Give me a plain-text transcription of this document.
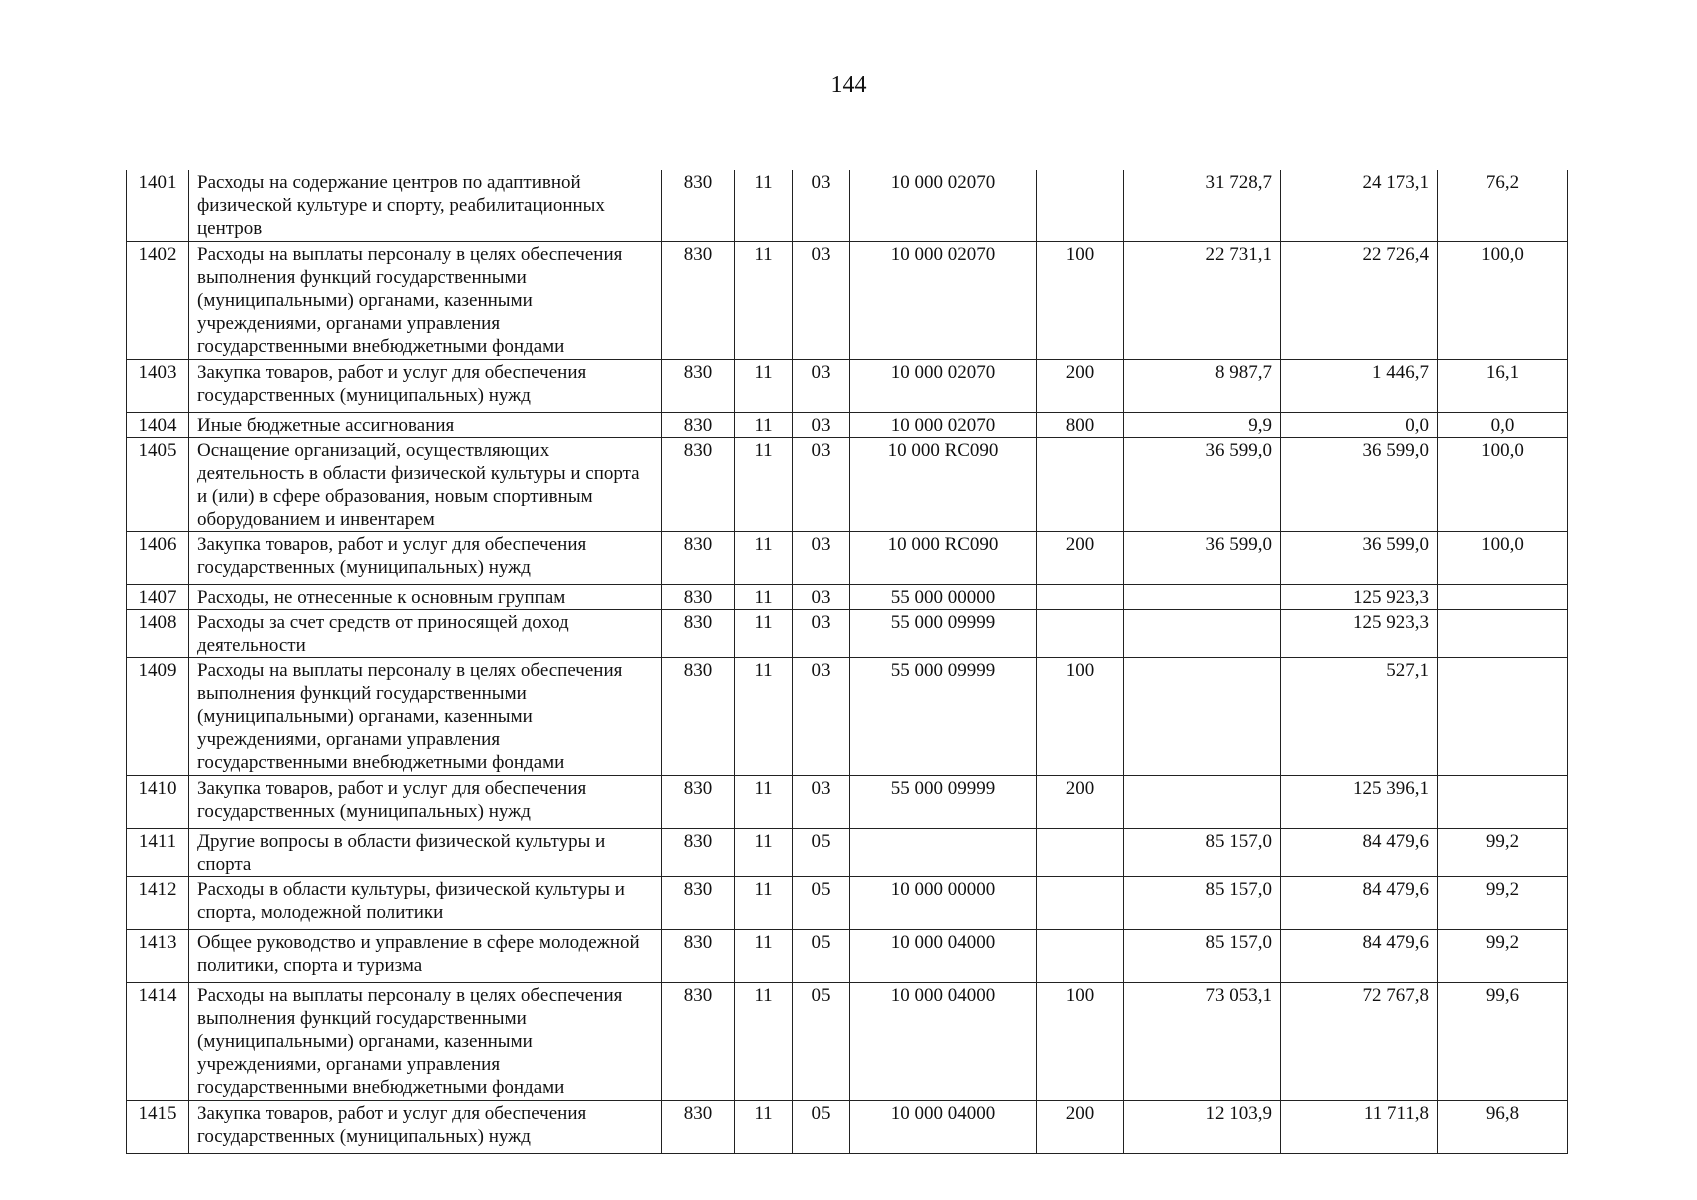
144
1401	Расходы на содержание центров по адаптивной физической культуре и спорту, реабилитационных центров	830	11	03	10 000 02070		31 728,7	24 173,1	76,2
1402	Расходы на выплаты персоналу в целях обеспечения выполнения функций государственными (муниципальными) органами, казенными учреждениями, органами управления государственными внебюджетными фондами	830	11	03	10 000 02070	100	22 731,1	22 726,4	100,0
1403	Закупка товаров, работ и услуг для обеспечения государственных (муниципальных) нужд	830	11	03	10 000 02070	200	8 987,7	1 446,7	16,1
1404	Иные бюджетные ассигнования	830	11	03	10 000 02070	800	9,9	0,0	0,0
1405	Оснащение организаций, осуществляющих деятельность в области физической культуры и спорта и (или) в сфере образования, новым спортивным оборудованием и инвентарем	830	11	03	10 000 RC090		36 599,0	36 599,0	100,0
1406	Закупка товаров, работ и услуг для обеспечения государственных (муниципальных) нужд	830	11	03	10 000 RC090	200	36 599,0	36 599,0	100,0
1407	Расходы, не отнесенные к основным группам	830	11	03	55 000 00000			125 923,3	
1408	Расходы за счет средств от приносящей доход деятельности	830	11	03	55 000 09999			125 923,3	
1409	Расходы на выплаты персоналу в целях обеспечения выполнения функций государственными (муниципальными) органами, казенными учреждениями, органами управления государственными внебюджетными фондами	830	11	03	55 000 09999	100		527,1	
1410	Закупка товаров, работ и услуг для обеспечения государственных (муниципальных) нужд	830	11	03	55 000 09999	200		125 396,1	
1411	Другие вопросы в области физической культуры и спорта	830	11	05			85 157,0	84 479,6	99,2
1412	Расходы в области культуры, физической культуры и спорта, молодежной политики	830	11	05	10 000 00000		85 157,0	84 479,6	99,2
1413	Общее руководство и управление в сфере молодежной политики, спорта и туризма	830	11	05	10 000 04000		85 157,0	84 479,6	99,2
1414	Расходы на выплаты персоналу в целях обеспечения выполнения функций государственными (муниципальными) органами, казенными учреждениями, органами управления государственными внебюджетными фондами	830	11	05	10 000 04000	100	73 053,1	72 767,8	99,6
1415	Закупка товаров, работ и услуг для обеспечения государственных (муниципальных) нужд	830	11	05	10 000 04000	200	12 103,9	11 711,8	96,8
